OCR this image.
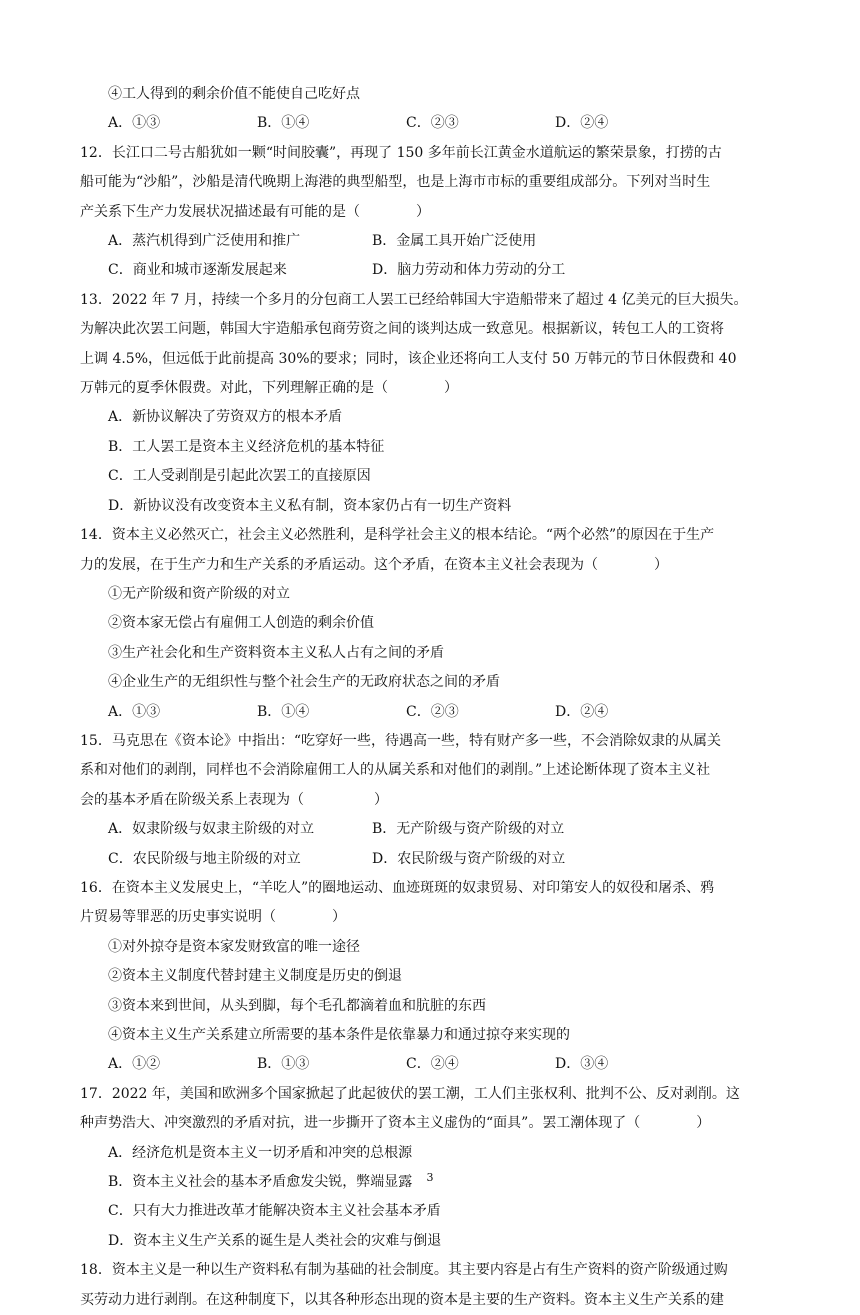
④工人得到的剩余价值不能使自己吃好点
A．①③	B．①④	C．②③	D．②④
12．长江口二号古船犹如一颗“时间胶囊”，再现了 150 多年前长江黄金水道航运的繁荣景象，打捞的古
船可能为“沙船”，沙船是清代晚期上海港的典型船型，也是上海市市标的重要组成部分。下列对当时生
产关系下生产力发展状况描述最有可能的是（　　　　）
A．蒸汽机得到广泛使用和推广	B．金属工具开始广泛使用
C．商业和城市逐渐发展起来	D．脑力劳动和体力劳动的分工
13．2022 年 7 月，持续一个多月的分包商工人罢工已经给韩国大宇造船带来了超过 4 亿美元的巨大损失。
为解决此次罢工问题，韩国大宇造船承包商劳资之间的谈判达成一致意见。根据新议，转包工人的工资将
上调 4.5%，但远低于此前提高 30%的要求；同时，该企业还将向工人支付 50 万韩元的节日休假费和 40
万韩元的夏季休假费。对此，下列理解正确的是（　　　　）
A．新协议解决了劳资双方的根本矛盾
B．工人罢工是资本主义经济危机的基本特征
C．工人受剥削是引起此次罢工的直接原因
D．新协议没有改变资本主义私有制，资本家仍占有一切生产资料
14．资本主义必然灭亡，社会主义必然胜利，是科学社会主义的根本结论。“两个必然”的原因在于生产
力的发展，在于生产力和生产关系的矛盾运动。这个矛盾，在资本主义社会表现为（　　　　）
①无产阶级和资产阶级的对立
②资本家无偿占有雇佣工人创造的剩余价值
③生产社会化和生产资料资本主义私人占有之间的矛盾
④企业生产的无组织性与整个社会生产的无政府状态之间的矛盾
A．①③	B．①④	C．②③	D．②④
15．马克思在《资本论》中指出：“吃穿好一些，待遇高一些，特有财产多一些，不会消除奴隶的从属关
系和对他们的剥削，同样也不会消除雇佣工人的从属关系和对他们的剥削。”上述论断体现了资本主义社
会的基本矛盾在阶级关系上表现为（　　　　　）
A．奴隶阶级与奴隶主阶级的对立	B．无产阶级与资产阶级的对立
C．农民阶级与地主阶级的对立	D．农民阶级与资产阶级的对立
16．在资本主义发展史上，“羊吃人”的圈地运动、血迹斑斑的奴隶贸易、对印第安人的奴役和屠杀、鸦
片贸易等罪恶的历史事实说明（　　　　）
①对外掠夺是资本家发财致富的唯一途径
②资本主义制度代替封建主义制度是历史的倒退
③资本来到世间，从头到脚，每个毛孔都滴着血和肮脏的东西
④资本主义生产关系建立所需要的基本条件是依靠暴力和通过掠夺来实现的
A．①②	B．①③	C．②④	D．③④
17．2022 年，美国和欧洲多个国家掀起了此起彼伏的罢工潮，工人们主张权利、批判不公、反对剥削。这
种声势浩大、冲突激烈的矛盾对抗，进一步撕开了资本主义虚伪的“面具”。罢工潮体现了（　　　　）
A．经济危机是资本主义一切矛盾和冲突的总根源
B．资本主义社会的基本矛盾愈发尖锐，弊端显露
C．只有大力推进改革才能解决资本主义社会基本矛盾
D．资本主义生产关系的诞生是人类社会的灾难与倒退
18．资本主义是一种以生产资料私有制为基础的社会制度。其主要内容是占有生产资料的资产阶级通过购
买劳动力进行剥削。在这种制度下，以其各种形态出现的资本是主要的生产资料。资本主义生产关系的建
3
